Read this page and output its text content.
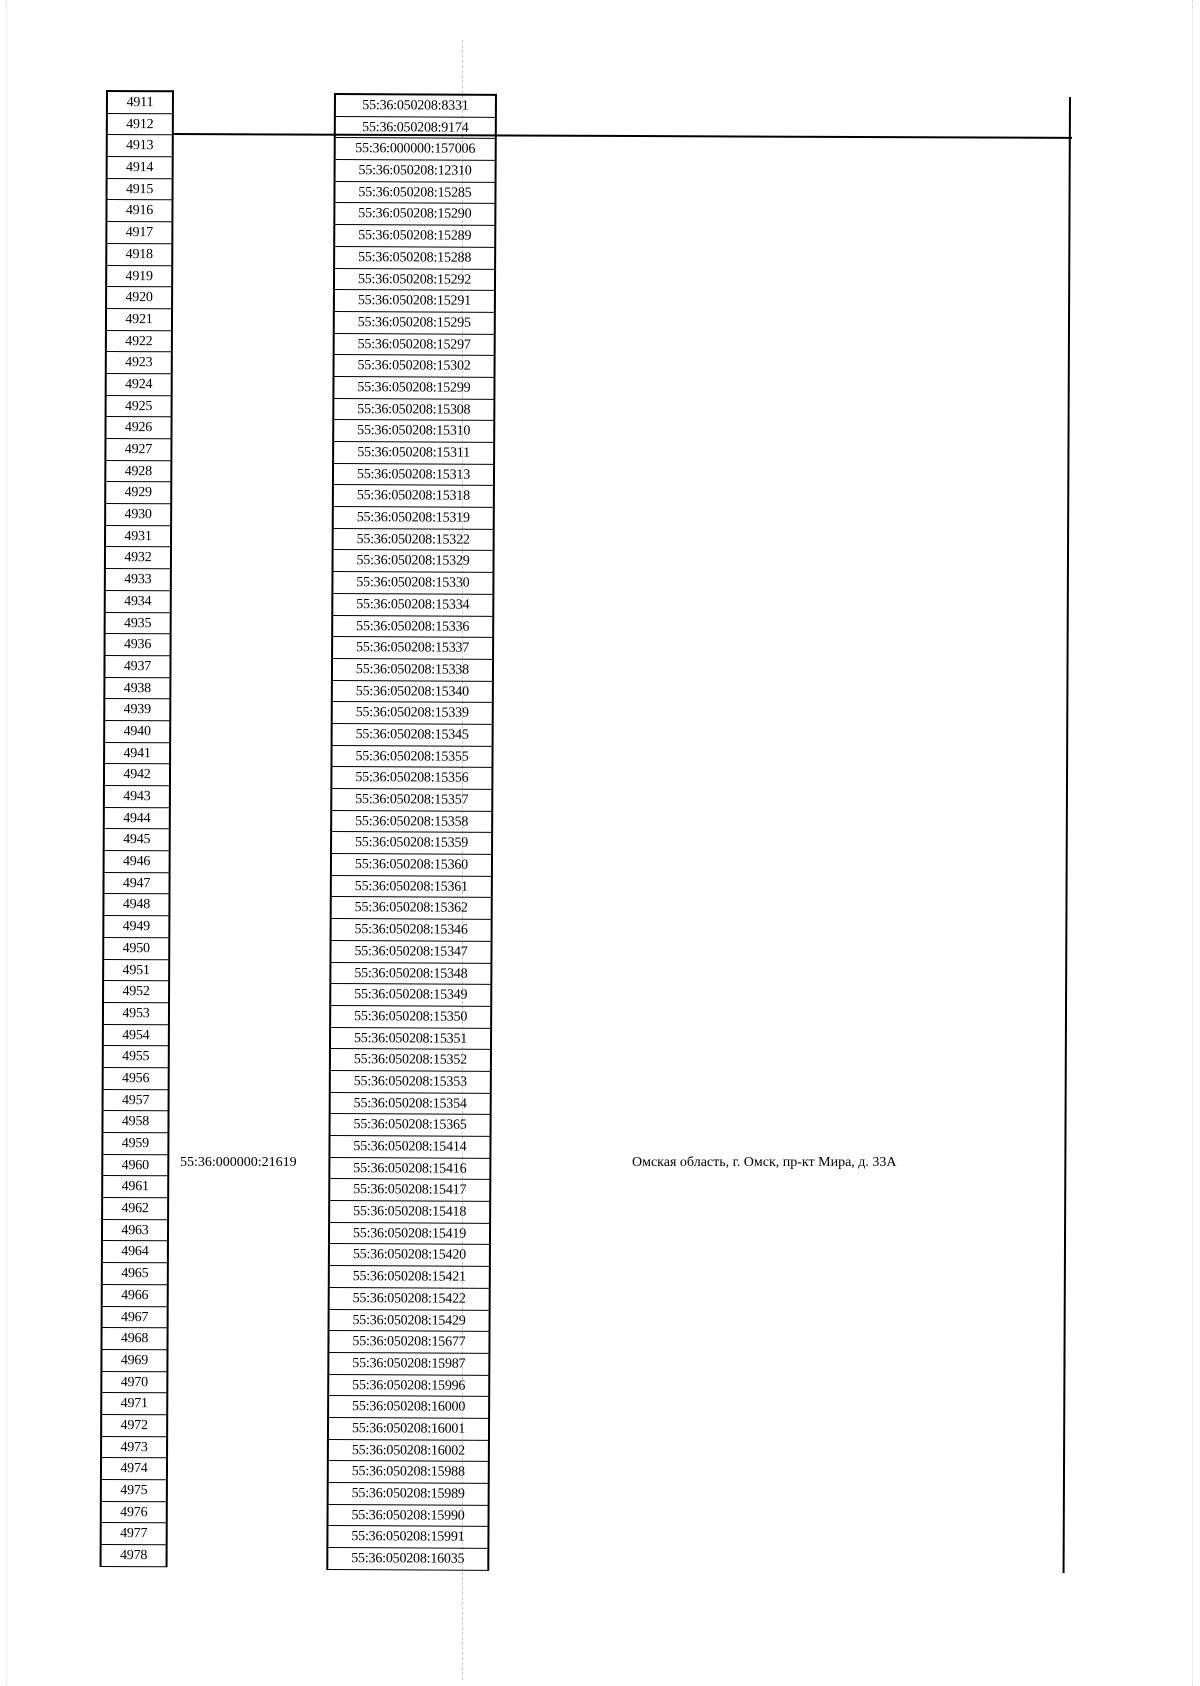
4911
4912
4913
4914
4915
4916
4917
4918
4919
4920
4921
4922
4923
4924
4925
4926
4927
4928
4929
4930
4931
4932
4933
4934
4935
4936
4937
4938
4939
4940
4941
4942
4943
4944
4945
4946
4947
4948
4949
4950
4951
4952
4953
4954
4955
4956
4957
4958
4959
4960
4961
4962
4963
4964
4965
4966
4967
4968
4969
4970
4971
4972
4973
4974
4975
4976
4977
4978
55:36:000000:21619
55:36:050208:8331
55:36:050208:9174
55:36:000000:157006
55:36:050208:12310
55:36:050208:15285
55:36:050208:15290
55:36:050208:15289
55:36:050208:15288
55:36:050208:15292
55:36:050208:15291
55:36:050208:15295
55:36:050208:15297
55:36:050208:15302
55:36:050208:15299
55:36:050208:15308
55:36:050208:15310
55:36:050208:15311
55:36:050208:15313
55:36:050208:15318
55:36:050208:15319
55:36:050208:15322
55:36:050208:15329
55:36:050208:15330
55:36:050208:15334
55:36:050208:15336
55:36:050208:15337
55:36:050208:15338
55:36:050208:15340
55:36:050208:15339
55:36:050208:15345
55:36:050208:15355
55:36:050208:15356
55:36:050208:15357
55:36:050208:15358
55:36:050208:15359
55:36:050208:15360
55:36:050208:15361
55:36:050208:15362
55:36:050208:15346
55:36:050208:15347
55:36:050208:15348
55:36:050208:15349
55:36:050208:15350
55:36:050208:15351
55:36:050208:15352
55:36:050208:15353
55:36:050208:15354
55:36:050208:15365
55:36:050208:15414
55:36:050208:15416
55:36:050208:15417
55:36:050208:15418
55:36:050208:15419
55:36:050208:15420
55:36:050208:15421
55:36:050208:15422
55:36:050208:15429
55:36:050208:15677
55:36:050208:15987
55:36:050208:15996
55:36:050208:16000
55:36:050208:16001
55:36:050208:16002
55:36:050208:15988
55:36:050208:15989
55:36:050208:15990
55:36:050208:15991
55:36:050208:16035
Омская область, г. Омск, пр-кт Мира, д. 33А
